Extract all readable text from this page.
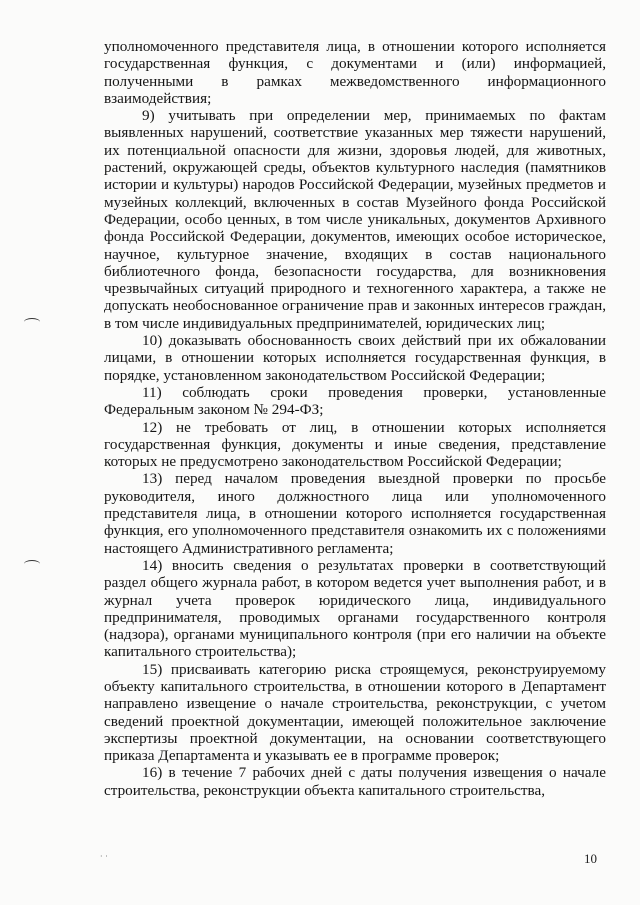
уполномоченного представителя лица, в отношении которого исполняется государственная функция, с документами и (или) информацией, полученными в рамках межведомственного информационного взаимодействия;

9) учитывать при определении мер, принимаемых по фактам выявленных нарушений, соответствие указанных мер тяжести нарушений, их потенциальной опасности для жизни, здоровья людей, для животных, растений, окружающей среды, объектов культурного наследия (памятников истории и культуры) народов Российской Федерации, музейных предметов и музейных коллекций, включенных в состав Музейного фонда Российской Федерации, особо ценных, в том числе уникальных, документов Архивного фонда Российской Федерации, документов, имеющих особое историческое, научное, культурное значение, входящих в состав национального библиотечного фонда, безопасности государства, для возникновения чрезвычайных ситуаций природного и техногенного характера, а также не допускать необоснованное ограничение прав и законных интересов граждан, в том числе индивидуальных предпринимателей, юридических лиц;

10) доказывать обоснованность своих действий при их обжаловании лицами, в отношении которых исполняется государственная функция, в порядке, установленном законодательством Российской Федерации;

11) соблюдать сроки проведения проверки, установленные Федеральным законом № 294-ФЗ;

12) не требовать от лиц, в отношении которых исполняется государственная функция, документы и иные сведения, представление которых не предусмотрено законодательством Российской Федерации;

13) перед началом проведения выездной проверки по просьбе руководителя, иного должностного лица или уполномоченного представителя лица, в отношении которого исполняется государственная функция, его уполномоченного представителя ознакомить их с положениями настоящего Административного регламента;

14) вносить сведения о результатах проверки в соответствующий раздел общего журнала работ, в котором ведется учет выполнения работ, и в журнал учета проверок юридического лица, индивидуального предпринимателя, проводимых органами государственного контроля (надзора), органами муниципального контроля (при его наличии на объекте капитального строительства);

15) присваивать категорию риска строящемуся, реконструируемому объекту капитального строительства, в отношении которого в Департамент направлено извещение о начале строительства, реконструкции, с учетом сведений проектной документации, имеющей положительное заключение экспертизы проектной документации, на основании соответствующего приказа Департамента и указывать ее в программе проверок;

16) в течение 7 рабочих дней с даты получения извещения о начале строительства, реконструкции объекта капитального строительства,

· ·	10
